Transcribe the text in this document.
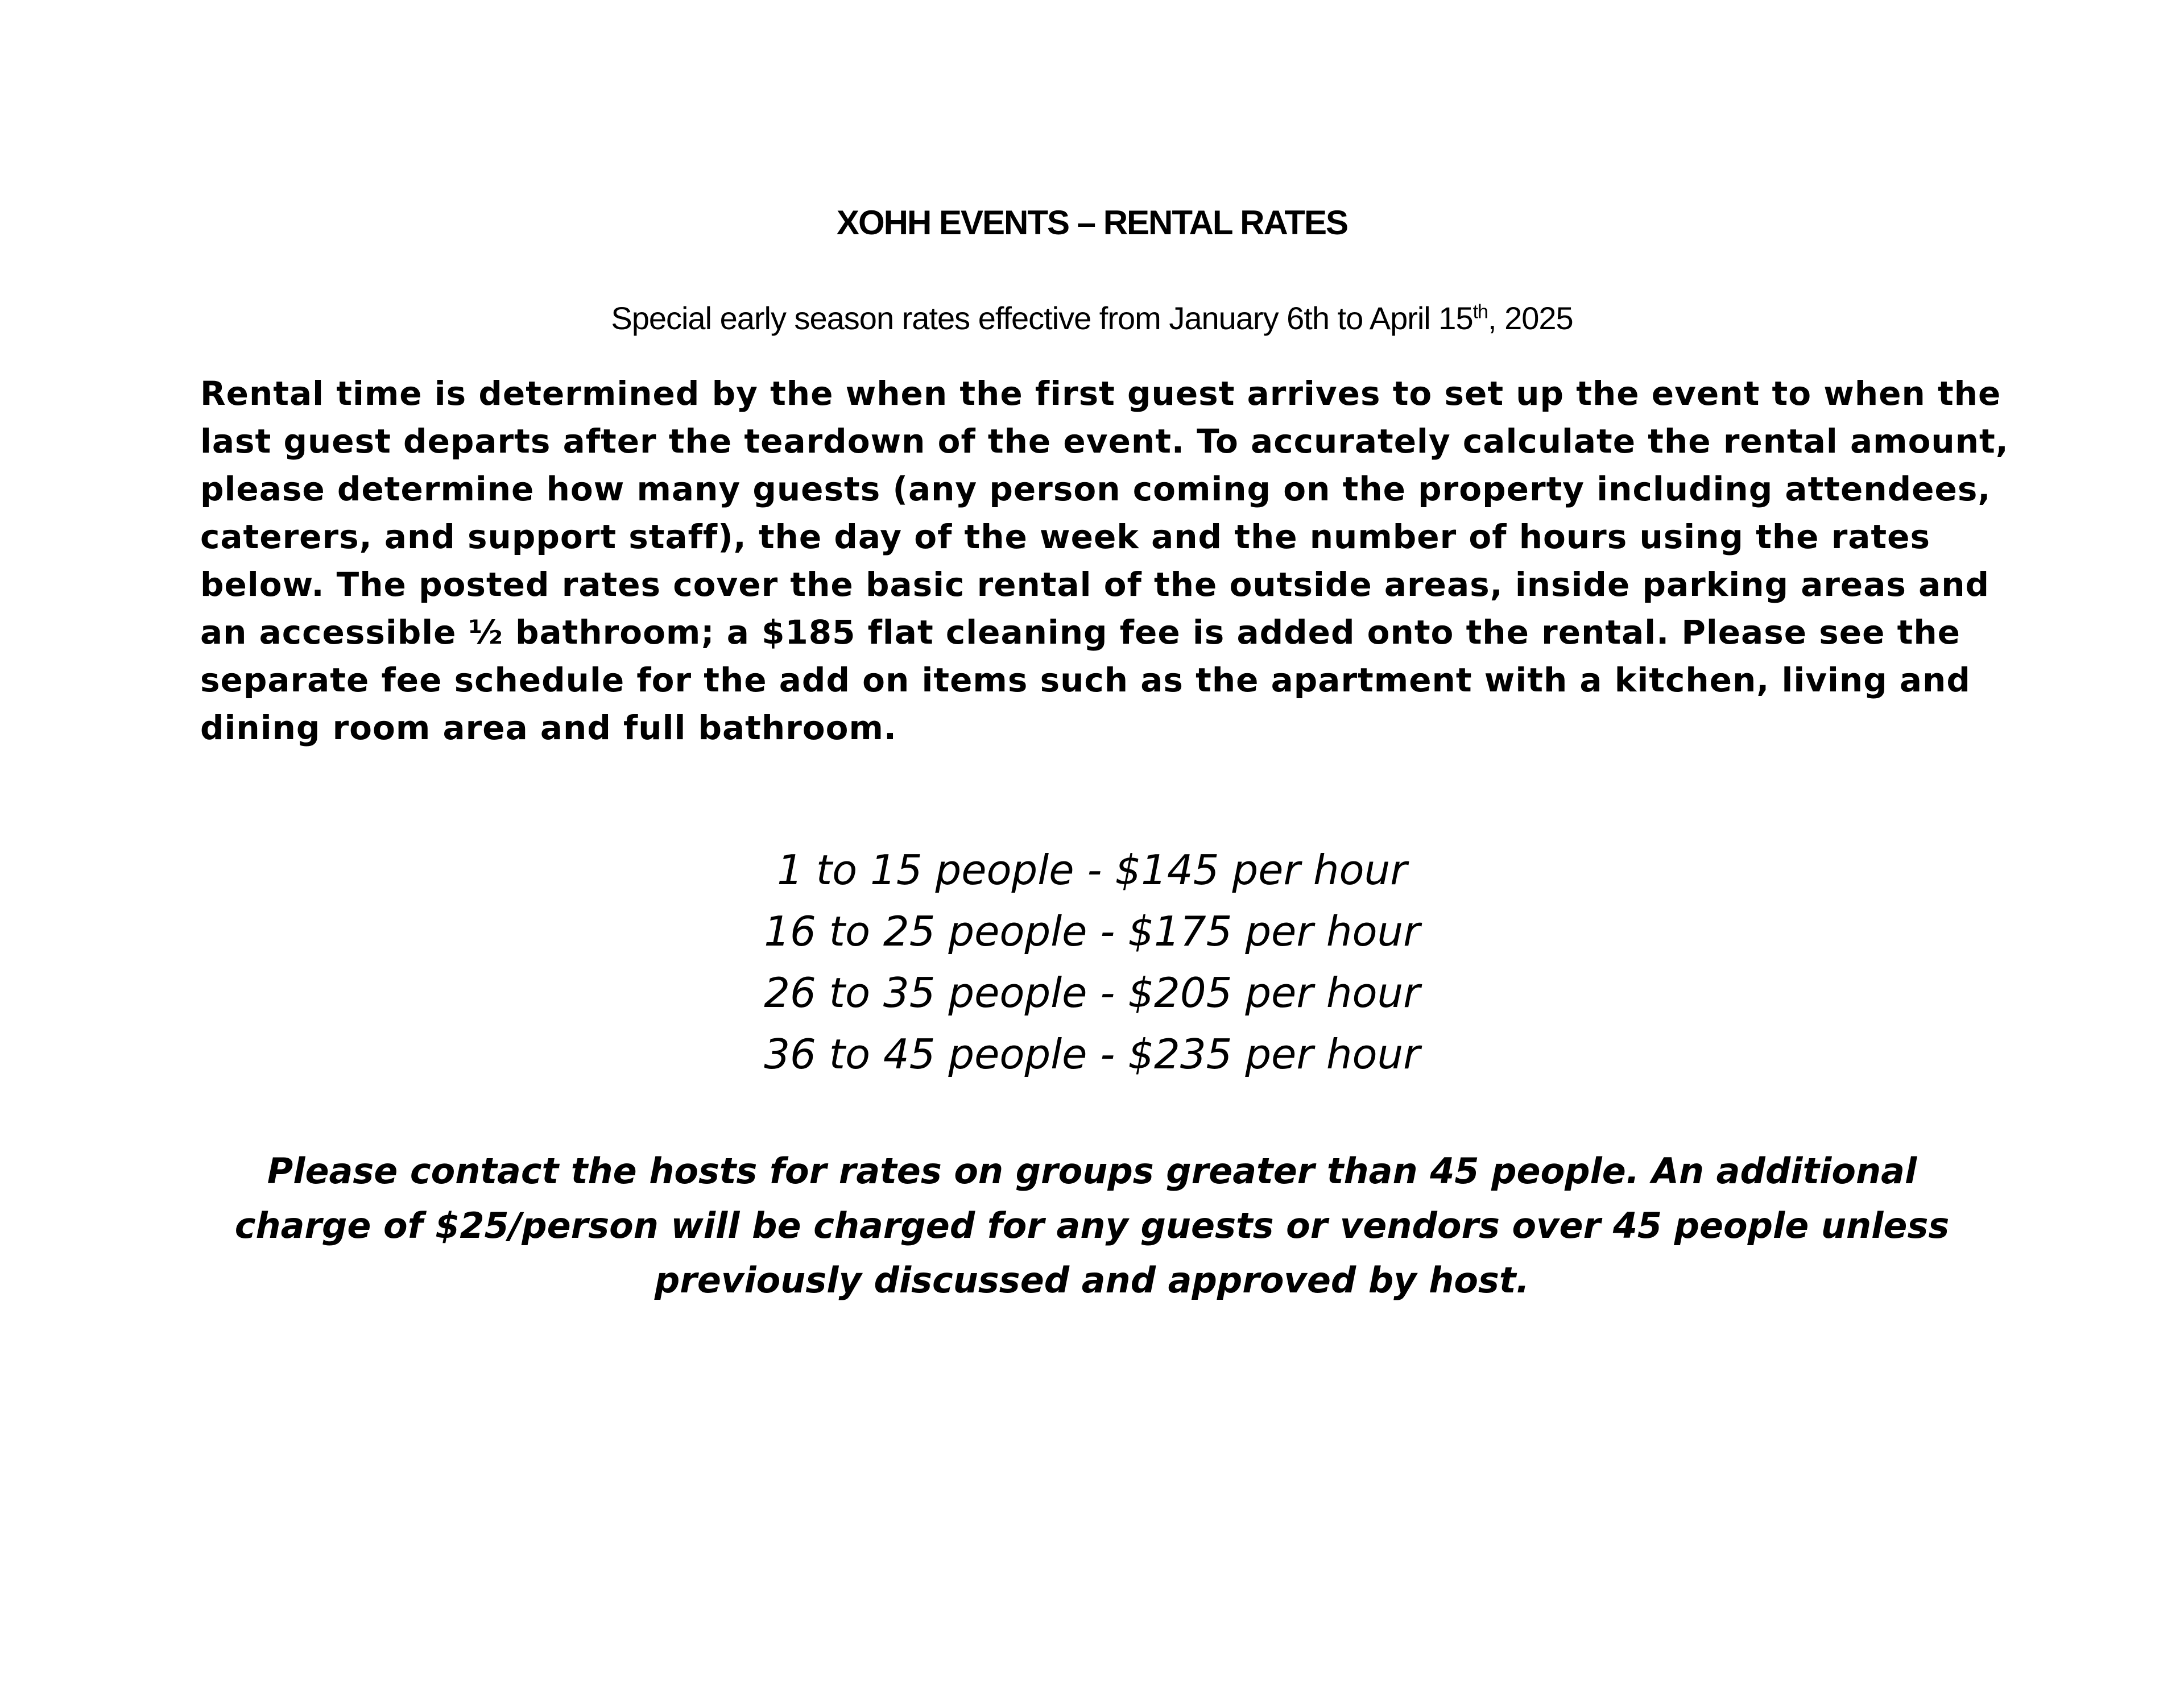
XOHH EVENTS – RENTAL RATES

Special early season rates effective from January 6th to April 15th, 2025

Rental time is determined by the when the first guest arrives to set up the event to when the last guest departs after the teardown of the event. To accurately calculate the rental amount, please determine how many guests (any person coming on the property including attendees, caterers, and support staff), the day of the week and the number of hours using the rates below. The posted rates cover the basic rental of the outside areas, inside parking areas and an accessible ½ bathroom; a $185 flat cleaning fee is added onto the rental. Please see the separate fee schedule for the add on items such as the apartment with a kitchen, living and dining room area and full bathroom.

1 to 15 people - $145 per hour
16 to 25 people - $175 per hour
26 to 35 people - $205 per hour
36 to 45 people - $235 per hour

Please contact the hosts for rates on groups greater than 45 people. An additional charge of $25/person will be charged for any guests or vendors over 45 people unless previously discussed and approved by host.
